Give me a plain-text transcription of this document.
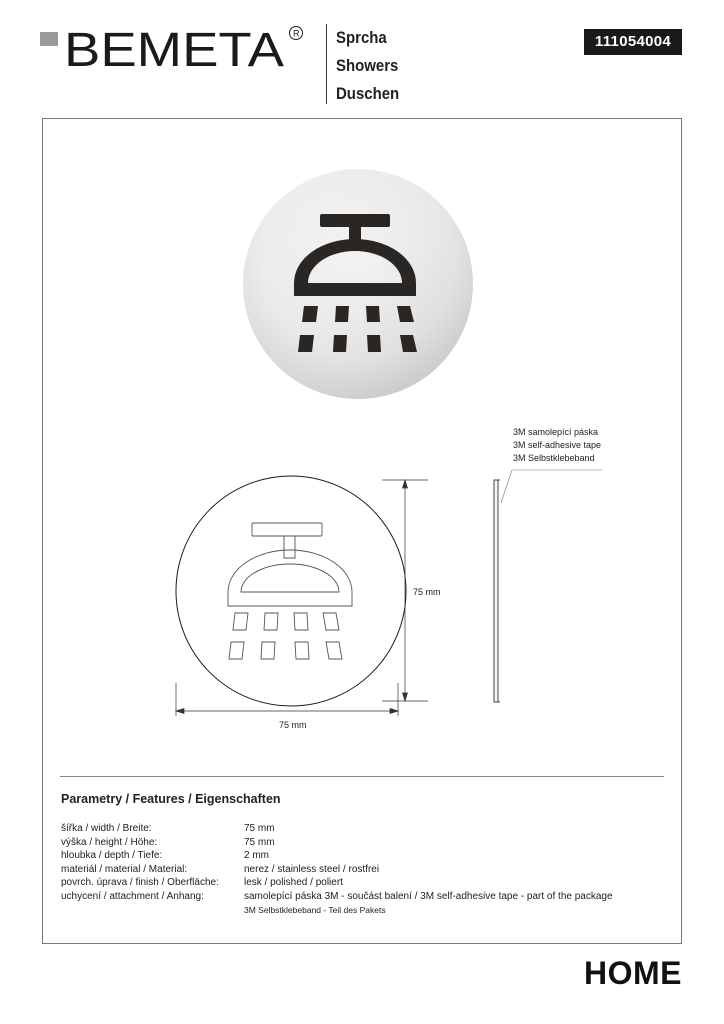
BEMETA R Sprcha
Showers
Duschen
111054004
75 mm
75 mm
3M samolepící páska
3M self-adhesive tape
3M Selbstklebeband
Parametry / Features / Eigenschaften
šířka / width / Breite:	75 mm
výška / height / Höhe:	75 mm
hloubka / depth / Tiefe:	2 mm
materiál / material / Material:	nerez / stainless steel / rostfrei
povrch. úprava / finish / Oberfläche:	lesk / polished / poliert
uchycení / attachment / Anhang:	samolepící páska 3M - součást balení / 3M self-adhesive tape - part of the package
3M Selbstklebeband - Teil des Pakets
HOME
